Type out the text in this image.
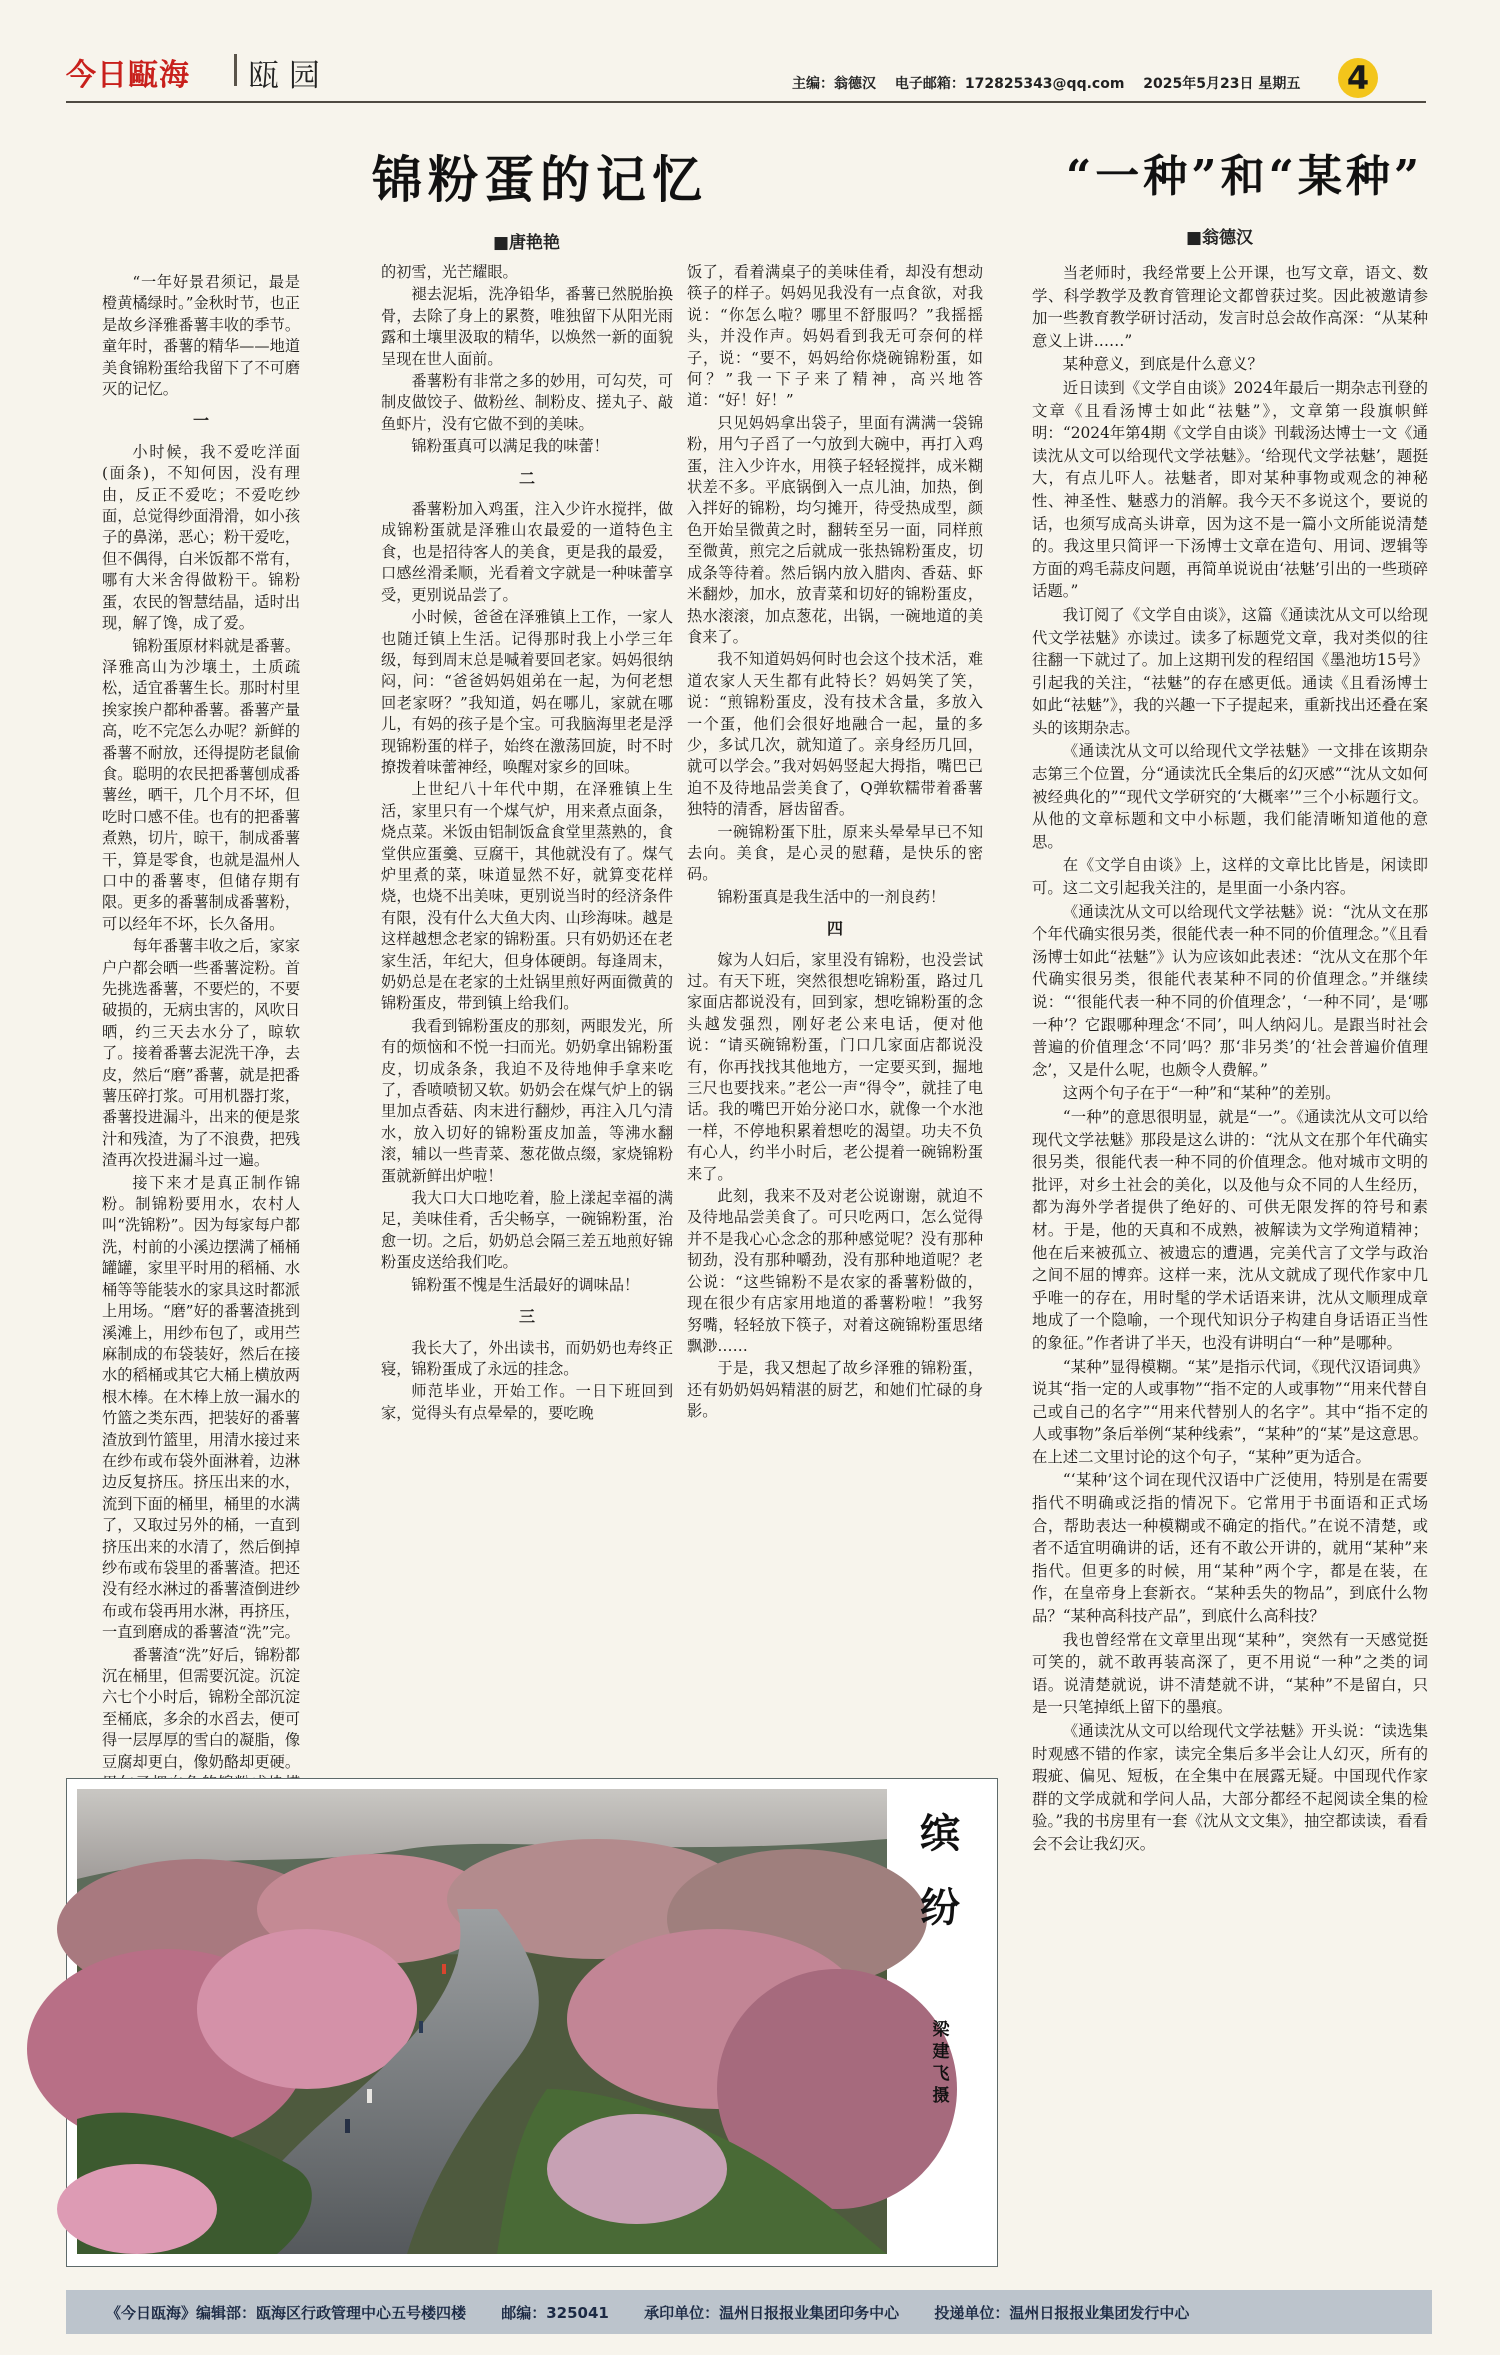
今日甌海 瓯 园	主编：翁德汉 电子邮箱：172825343@qq.com 2025年5月23日 星期五	4
锦粉蛋的记忆
■唐艳艳

“一年好景君须记，最是橙黄橘绿时。”金秋时节，也正是故乡泽雅番薯丰收的季节。童年时，番薯的精华——地道美食锦粉蛋给我留下了不可磨灭的记忆。

一

小时候，我不爱吃洋面(面条)，不知何因，没有理由，反正不爱吃；不爱吃纱面，总觉得纱面滑滑，如小孩子的鼻涕，恶心；粉干爱吃，但不偶得，白米饭都不常有，哪有大米舍得做粉干。锦粉蛋，农民的智慧结晶，适时出现，解了馋，成了爱。

锦粉蛋原材料就是番薯。泽雅高山为沙壤土，土质疏松，适宜番薯生长。那时村里挨家挨户都种番薯。番薯产量高，吃不完怎么办呢？新鲜的番薯不耐放，还得提防老鼠偷食。聪明的农民把番薯刨成番薯丝，晒干，几个月不坏，但吃时口感不佳。也有的把番薯煮熟，切片，晾干，制成番薯干，算是零食，也就是温州人口中的番薯枣，但储存期有限。更多的番薯制成番薯粉，可以经年不坏，长久备用。

每年番薯丰收之后，家家户户都会晒一些番薯淀粉。首先挑选番薯，不要烂的，不要破损的，无病虫害的，风吹日晒，约三天去水分了，晾软了。接着番薯去泥洗干净，去皮，然后“磨”番薯，就是把番薯压碎打浆。可用机器打浆，番薯投进漏斗，出来的便是浆汁和残渣，为了不浪费，把残渣再次投进漏斗过一遍。

接下来才是真正制作锦粉。制锦粉要用水，农村人叫“洗锦粉”。因为每家每户都洗，村前的小溪边摆满了桶桶罐罐，家里平时用的稻桶、水桶等等能装水的家具这时都派上用场。“磨”好的番薯渣挑到溪滩上，用纱布包了，或用苎麻制成的布袋装好，然后在接水的稻桶或其它大桶上横放两根木棒。在木棒上放一漏水的竹篮之类东西，把装好的番薯渣放到竹篮里，用清水接过来在纱布或布袋外面淋着，边淋边反复挤压。挤压出来的水，流到下面的桶里，桶里的水满了，又取过另外的桶，一直到挤压出来的水清了，然后倒掉纱布或布袋里的番薯渣。把还没有经水淋过的番薯渣倒进纱布或布袋再用水淋，再挤压，一直到磨成的番薯渣“洗”完。

番薯渣“洗”好后，锦粉都沉在桶里，但需要沉淀。沉淀六七个小时后，锦粉全部沉淀至桶底，多余的水舀去，便可得一层厚厚的雪白的凝脂，像豆腐却更白，像奶酪却更硬。

的初雪，光芒耀眼。

褪去泥垢，洗净铅华，番薯已然脱胎换骨，去除了身上的累赘，唯独留下从阳光雨露和土壤里汲取的精华，以焕然一新的面貌呈现在世人面前。

番薯粉有非常之多的妙用，可勾芡，可制皮做饺子、做粉丝、制粉皮、搓丸子、敲鱼虾片，没有它做不到的美味。

锦粉蛋真可以满足我的味蕾！

二

番薯粉加入鸡蛋，注入少许水搅拌，做成锦粉蛋就是泽雅山农最爱的一道特色主食，也是招待客人的美食，更是我的最爱，口感丝滑柔顺，光看着文字就是一种味蕾享受，更别说品尝了。

小时候，爸爸在泽雅镇上工作，一家人也随迁镇上生活。记得那时我上小学三年级，每到周末总是喊着要回老家。妈妈很纳闷，问：“爸爸妈妈姐弟在一起，为何老想回老家呀？”我知道，妈在哪儿，家就在哪儿，有妈的孩子是个宝。可我脑海里老是浮现锦粉蛋的样子，始终在激荡回旋，时不时撩拨着味蕾神经，唤醒对家乡的回味。

上世纪八十年代中期，在泽雅镇上生活，家里只有一个煤气炉，用来煮点面条，烧点菜。米饭由铝制饭盒食堂里蒸熟的，食堂供应蛋羹、豆腐干，其他就没有了。煤气炉里煮的菜，味道显然不好，就算变花样烧，也烧不出美味，更别说当时的经济条件有限，没有什么大鱼大肉、山珍海味。越是这样越想念老家的锦粉蛋。只有奶奶还在老家生活，年纪大，但身体硬朗。每逢周末，奶奶总是在老家的土灶锅里煎好两面微黄的锦粉蛋皮，带到镇上给我们。

我看到锦粉蛋皮的那刻，两眼发光，所有的烦恼和不悦一扫而光。奶奶拿出锦粉蛋皮，切成条条，我迫不及待地伸手拿来吃了，香喷喷韧又软。奶奶会在煤气炉上的锅里加点香菇、肉末进行翻炒，再注入几勺清水，放入切好的锦粉蛋皮加盖，等沸水翻滚，辅以一些青菜、葱花做点缀，家烧锦粉蛋就新鲜出炉啦！

我大口大口地吃着，脸上漾起幸福的满足，美味佳肴，舌尖畅享，一碗锦粉蛋，治愈一切。之后，奶奶总会隔三差五地煎好锦粉蛋皮送给我们吃。

锦粉蛋不愧是生活最好的调味品！

三

我长大了，外出读书，而奶奶也寿终正寝，锦粉蛋成了永远的挂念。

师范毕业，开始工作。一日下班回到家，觉得头有点晕晕的，要吃晚

饭了，看着满桌子的美味佳肴，却没有想动筷子的样子。妈妈见我没有一点食欲，对我说：“你怎么啦？哪里不舒服吗？”我摇摇头，并没作声。妈妈看到我无可奈何的样子，说：“要不，妈妈给你烧碗锦粉蛋，如何？”我一下子来了精神，高兴地答道：“好！好！”

只见妈妈拿出袋子，里面有满满一袋锦粉，用勺子舀了一勺放到大碗中，再打入鸡蛋，注入少许水，用筷子轻轻搅拌，成米糊状差不多。平底锅倒入一点儿油，加热，倒入拌好的锦粉，均匀摊开，待受热成型，颜色开始呈微黄之时，翻转至另一面，同样煎至微黄，煎完之后就成一张热锦粉蛋皮，切成条等待着。然后锅内放入腊肉、香菇、虾米翻炒，加水，放青菜和切好的锦粉蛋皮，热水滚滚，加点葱花，出锅，一碗地道的美食来了。

我不知道妈妈何时也会这个技术活，难道农家人天生都有此特长？妈妈笑了笑，说：“煎锦粉蛋皮，没有技术含量，多放入一个蛋，他们会很好地融合一起，量的多少，多试几次，就知道了。亲身经历几回，就可以学会。”我对妈妈竖起大拇指，嘴巴已迫不及待地品尝美食了，Q弹软糯带着番薯独特的清香，唇齿留香。

一碗锦粉蛋下肚，原来头晕晕早已不知去向。美食，是心灵的慰藉，是快乐的密码。

锦粉蛋真是我生活中的一剂良药！

四

嫁为人妇后，家里没有锦粉，也没尝试过。有天下班，突然很想吃锦粉蛋，路过几家面店都说没有，回到家，想吃锦粉蛋的念头越发强烈，刚好老公来电话，便对他说：“请买碗锦粉蛋，门口几家面店都说没有，你再找找其他地方，一定要买到，掘地三尺也要找来。”老公一声“得令”，就挂了电话。我的嘴巴开始分泌口水，就像一个水池一样，不停地积累着想吃的渴望。功夫不负有心人，约半小时后，老公提着一碗锦粉蛋来了。

此刻，我来不及对老公说谢谢，就迫不及待地品尝美食了。可只吃两口，怎么觉得并不是我心心念念的那种感觉呢？没有那种韧劲，没有那种嚼劲，没有那种地道呢？老公说：“这些锦粉不是农家的番薯粉做的，现在很少有店家用地道的番薯粉啦！”我努努嘴，轻轻放下筷子，对着这碗锦粉蛋思绪飘渺……

于是，我又想起了故乡泽雅的锦粉蛋，还有奶奶妈妈精湛的厨艺，和她们忙碌的身影。

“一种”和“某种”
■翁德汉

当老师时，我经常要上公开课，也写文章，语文、数学、科学教学及教育管理论文都曾获过奖。因此被邀请参加一些教育教学研讨活动，发言时总会故作高深：“从某种意义上讲……”

某种意义，到底是什么意义？

近日读到《文学自由谈》2024年最后一期杂志刊登的文章《且看汤博士如此“祛魅”》，文章第一段旗帜鲜明：“2024年第4期《文学自由谈》刊载汤达博士一文《通读沈从文可以给现代文学祛魅》。‘给现代文学祛魅’，题挺大，有点儿吓人。祛魅者，即对某种事物或观念的神秘性、神圣性、魅惑力的消解。我今天不多说这个，要说的话，也须写成高头讲章，因为这不是一篇小文所能说清楚的。我这里只简评一下汤博士文章在造句、用词、逻辑等方面的鸡毛蒜皮问题，再简单说说由‘祛魅’引出的一些琐碎话题。”

我订阅了《文学自由谈》，这篇《通读沈从文可以给现代文学祛魅》亦读过。读多了标题党文章，我对类似的往往翻一下就过了。加上这期刊发的程绍国《墨池坊15号》引起我的关注，“祛魅”的存在感更低。通读《且看汤博士如此“祛魅”》，我的兴趣一下子提起来，重新找出还叠在案头的该期杂志。

《通读沈从文可以给现代文学祛魅》一文排在该期杂志第三个位置，分“通读沈氏全集后的幻灭感”“沈从文如何被经典化的”“现代文学研究的‘大概率’”三个小标题行文。从他的文章标题和文中小标题，我们能清晰知道他的意思。

在《文学自由谈》上，这样的文章比比皆是，闲读即可。这二文引起我关注的，是里面一小条内容。

《通读沈从文可以给现代文学祛魅》说：“沈从文在那个年代确实很另类，很能代表一种不同的价值理念。”《且看汤博士如此“祛魅”》认为应该如此表述：“沈从文在那个年代确实很另类，很能代表某种不同的价值理念。”并继续说：“‘很能代表一种不同的价值理念’，‘一种不同’，是‘哪一种’？它跟哪种理念‘不同’，叫人纳闷儿。是跟当时社会普遍的价值理念‘不同’吗？那‘非另类’的‘社会普遍价值理念’，又是什么呢，也颇令人费解。”

这两个句子在于“一种”和“某种”的差别。

“一种”的意思很明显，就是“一”。《通读沈从文可以给现代文学祛魅》那段是这么讲的：“沈从文在那个年代确实很另类，很能代表一种不同的价值理念。他对城市文明的批评，对乡土社会的美化，以及他与众不同的人生经历，都为海外学者提供了绝好的、可供无限发挥的符号和素材。于是，他的天真和不成熟，被解读为文学殉道精神；他在后来被孤立、被遗忘的遭遇，完美代言了文学与政治之间不屈的博弈。这样一来，沈从文就成了现代作家中几乎唯一的存在，用时髦的学术话语来讲，沈从文顺理成章地成了一个隐喻，一个现代知识分子构建自身话语正当性的象征。”作者讲了半天，也没有讲明白“一种”是哪种。

“某种”显得模糊。“某”是指示代词，《现代汉语词典》说其“指一定的人或事物”“指不定的人或事物”“用来代替自己或自己的名字”“用来代替别人的名字”。其中“指不定的人或事物”条后举例“某种线索”，“某种”的“某”是这意思。在上述二文里讨论的这个句子，“某种”更为适合。

“‘某种’这个词在现代汉语中广泛使用，特别是在需要指代不明确或泛指的情况下。它常用于书面语和正式场合，帮助表达一种模糊或不确定的指代。”在说不清楚，或者不适宜明确讲的话，还有不敢公开讲的，就用“某种”来指代。但更多的时候，用“某种”两个字，都是在装，在作，在皇帝身上套新衣。“某种丢失的物品”，到底什么物品？“某种高科技产品”，到底什么高科技？

我也曾经常在文章里出现“某种”，突然有一天感觉挺可笑的，就不敢再装高深了，更不用说“一种”之类的词语。说清楚就说，讲不清楚就不讲，“某种”不是留白，只是一只笔掉纸上留下的墨痕。

《通读沈从文可以给现代文学祛魅》开头说：“读选集时观感不错的作家，读完全集后多半会让人幻灭，所有的瑕疵、偏见、短板，在全集中在展露无疑。中国现代作家群的文学成就和学问人品，大部分都经不起阅读全集的检验。”我的书房里有一套《沈从文文集》，抽空都读读，看看会不会让我幻灭。

缤纷
梁建飞 摄
《今日瓯海》编辑部：瓯海区行政管理中心五号楼四楼 邮编：325041 承印单位：温州日报报业集团印务中心 投递单位：温州日报报业集团发行中心
